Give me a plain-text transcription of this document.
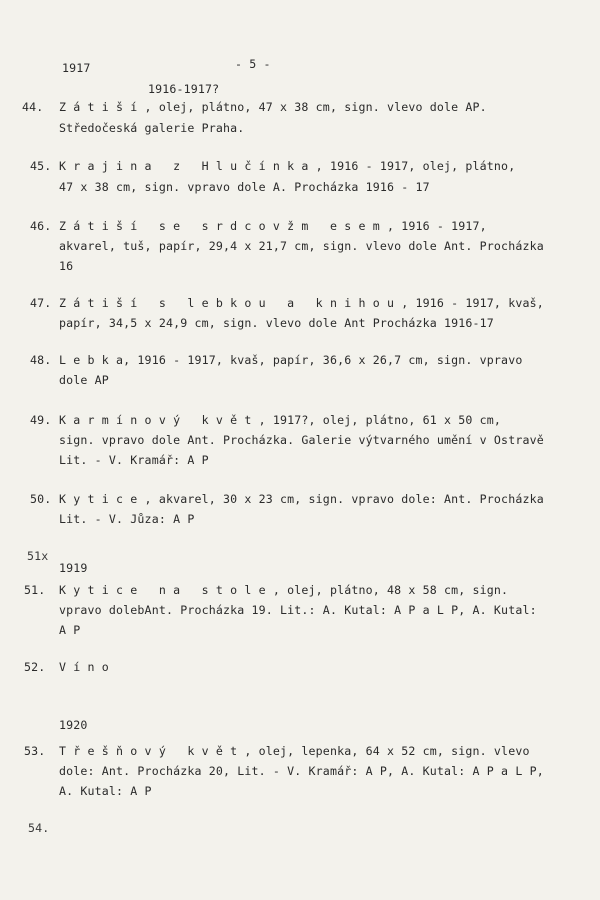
1917	- 5 -
1916-1917?
44. Z á t i š í , olej, plátno, 47 x 38 cm, sign. vlevo dole AP.
Středočeská galerie Praha.
45. K r a j i n a   z   H l u č í n k a , 1916 - 1917, olej, plátno,
47 x 38 cm, sign. vpravo dole A. Procházka 1916 - 17
46. Z á t i š í   s e   s r d c o v ž m   e s e m , 1916 - 1917,
akvarel, tuš, papír, 29,4 x 21,7 cm, sign. vlevo dole Ant. Procházka
16
47. Z á t i š í   s   l e b k o u   a   k n i h o u , 1916 - 1917, kvaš,
papír, 34,5 x 24,9 cm, sign. vlevo dole Ant Procházka 1916-17
48. L e b k a, 1916 - 1917, kvaš, papír, 36,6 x 26,7 cm, sign. vpravo
dole AP
49. K a r m í n o v ý   k v ě t , 1917?, olej, plátno, 61 x 50 cm,
sign. vpravo dole Ant. Procházka. Galerie výtvarného umění v Ostravě
Lit. - V. Kramář: A P
50. K y t i c e , akvarel, 30 x 23 cm, sign. vpravo dole: Ant. Procházka
Lit. - V. Jůza: A P
51x
1919
51. K y t i c e   n a   s t o l e , olej, plátno, 48 x 58 cm, sign.
vpravo dolebAnt. Procházka 19. Lit.: A. Kutal: A P a L P, A. Kutal:
A P
52. V í n o
1920
53. T ř e š ň o v ý   k v ě t , olej, lepenka, 64 x 52 cm, sign. vlevo
dole: Ant. Procházka 20, Lit. - V. Kramář: A P, A. Kutal: A P a L P,
A. Kutal: A P
54.
